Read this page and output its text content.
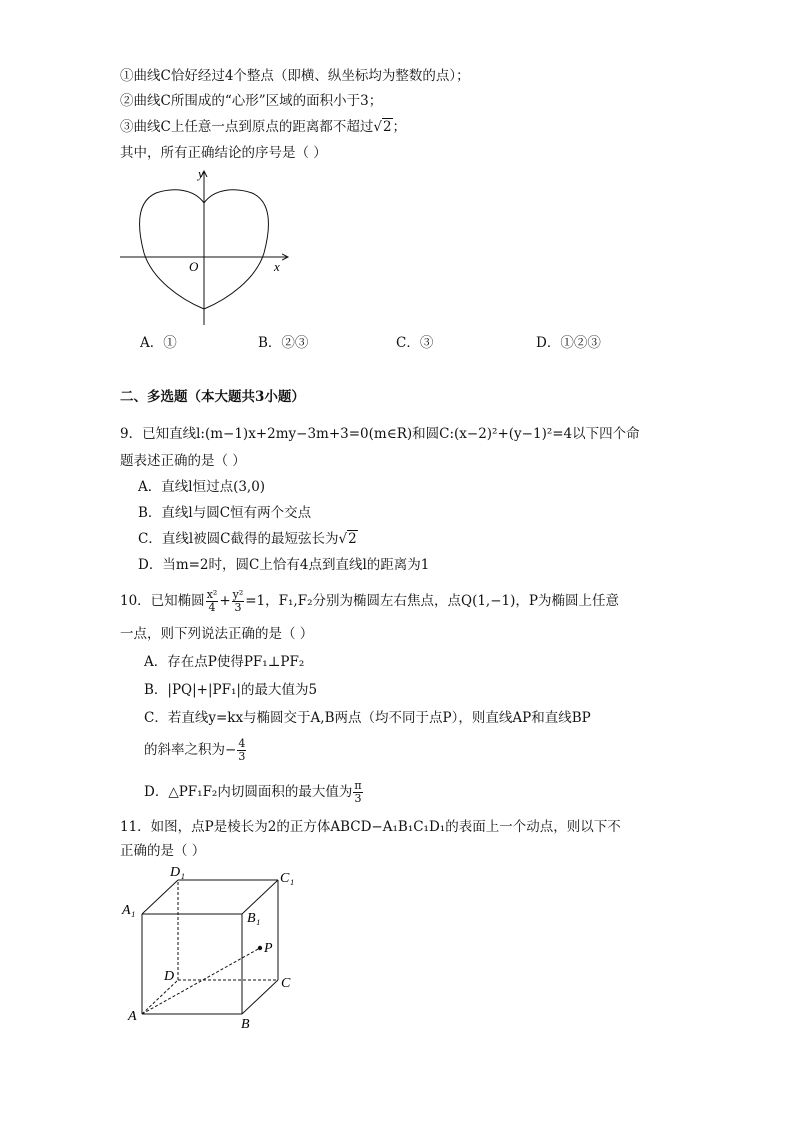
①曲线C恰好经过4个整点（即横、纵坐标均为整数的点）；
②曲线C所围成的“心形”区域的面积小于3；
③曲线C上任意一点到原点的距离都不超过√2；
其中，所有正确结论的序号是（ ）
y
x
O
A．①	B．②③	C．③	D．①②③
二、多选题（本大题共3小题）
9．已知直线l:(m−1)x+2my−3m+3=0(m∈R)和圆C:(x−2)²+(y−1)²=4以下四个命
题表述正确的是（ ）
A．直线l恒过点(3,0)
B．直线l与圆C恒有两个交点
C．直线l被圆C截得的最短弦长为√2
D．当m=2时，圆C上恰有4点到直线l的距离为1
10．已知椭圆 $\frac{\text{x²}}{4} + \frac{\text{y²}}{3} =1$，F₁,F₂分别为椭圆左右焦点，点Q(1,−1)，P为椭圆上任意
一点，则下列说法正确的是（ ）
A．存在点P使得PF₁⊥PF₂
B．|PQ|+|PF₁|的最大值为5
C．若直线y=kx与椭圆交于A,B两点（均不同于点P），则直线AP和直线BP
的斜率之积为− $\frac{4}{3}$
D．△PF₁F₂内切圆面积的最大值为 $\frac{\pi}{3}$
11．如图，点P是棱长为2的正方体ABCD−A₁B₁C₁D₁的表面上一个动点，则以下不
正确的是（ ）
A
B
C
D
A₁
B₁
C₁
D₁
P
